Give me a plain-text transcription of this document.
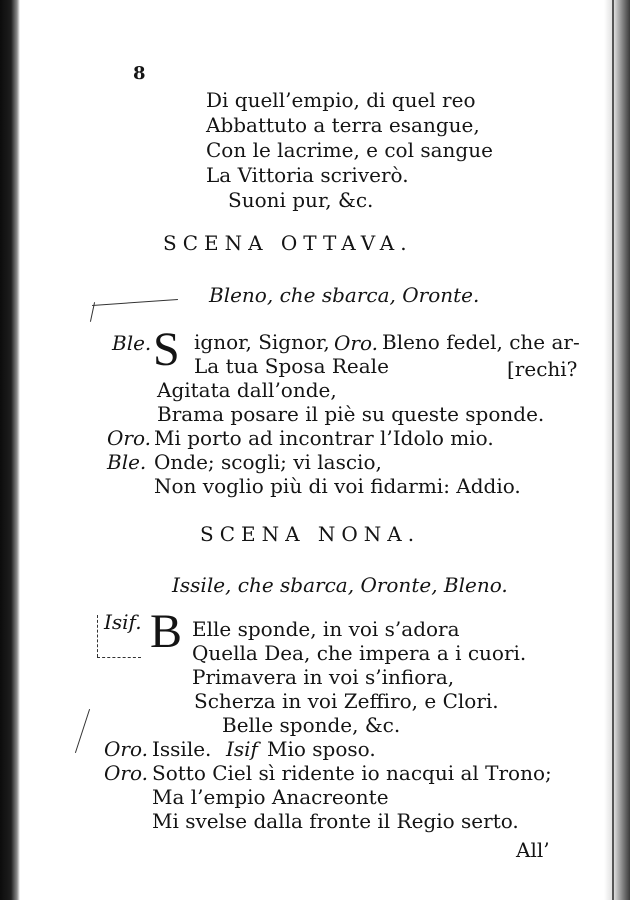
8
Di quell’empio, di quel reo
Abbattuto a terra esangue,
Con le lacrime, e col sangue
La Vittoria scriverò.
Suoni pur, &c.
SCENA OTTAVA.
Bleno, che sbarca, Oronte.
Ble. S ignor, Signor, Oro. Bleno fedel, che ar-
La tua Sposa Reale	[rechi?
Agitata dall’onde,
Brama posare il piè su queste sponde.
Oro. Mi porto ad incontrar l’Idolo mio.
Ble. Onde; scogli; vi lascio,
Non voglio più di voi fidarmi: Addio.
SCENA NONA.
Issile, che sbarca, Oronte, Bleno.
Isif. B Elle sponde, in voi s’adora
Quella Dea, che impera a i cuori.
Primavera in voi s’infiora,
Scherza in voi Zeffiro, e Clori.
Belle sponde, &c.
Oro. Issile. Isif Mio sposo.
Oro. Sotto Ciel sì ridente io nacqui al Trono;
Ma l’empio Anacreonte
Mi svelse dalla fronte il Regio serto.
All’
